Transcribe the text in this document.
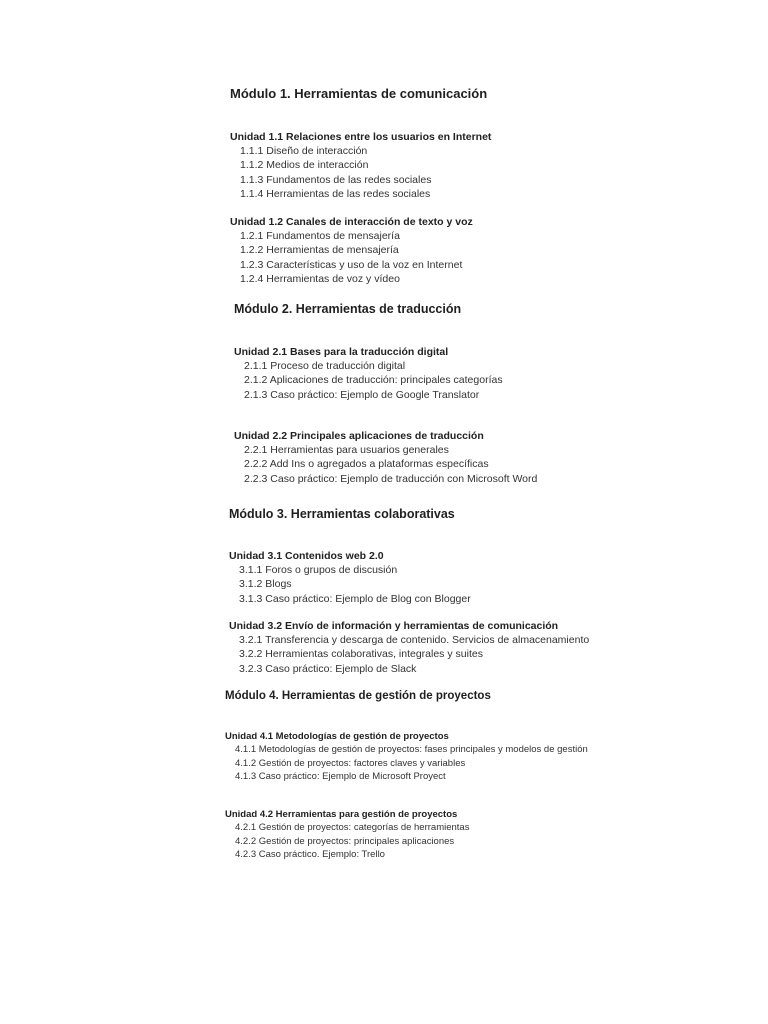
Módulo 1. Herramientas de comunicación

Unidad 1.1 Relaciones entre los usuarios en Internet
1.1.1 Diseño de interacción
1.1.2 Medios de interacción
1.1.3 Fundamentos de las redes sociales
1.1.4 Herramientas de las redes sociales
Unidad 1.2 Canales de interacción de texto y voz
1.2.1 Fundamentos de mensajería
1.2.2 Herramientas de mensajería
1.2.3 Características y uso de la voz en Internet
1.2.4 Herramientas de voz y vídeo

Módulo 2. Herramientas de traducción

Unidad 2.1 Bases para la traducción digital
2.1.1 Proceso de traducción digital
2.1.2 Aplicaciones de traducción: principales categorías
2.1.3 Caso práctico: Ejemplo de Google Translator
Unidad 2.2 Principales aplicaciones de traducción
2.2.1 Herramientas para usuarios generales
2.2.2 Add Ins o agregados a plataformas específicas
2.2.3 Caso práctico: Ejemplo de traducción con Microsoft Word

Módulo 3. Herramientas colaborativas

Unidad 3.1 Contenidos web 2.0
3.1.1 Foros o grupos de discusión
3.1.2 Blogs
3.1.3 Caso práctico: Ejemplo de Blog con Blogger
Unidad 3.2 Envío de información y herramientas de comunicación
3.2.1 Transferencia y descarga de contenido. Servicios de almacenamiento
3.2.2 Herramientas colaborativas, integrales y suites
3.2.3 Caso práctico: Ejemplo de Slack

Módulo 4. Herramientas de gestión de proyectos

Unidad 4.1 Metodologías de gestión de proyectos
4.1.1 Metodologías de gestión de proyectos: fases principales y modelos de gestión
4.1.2 Gestión de proyectos: factores claves y variables
4.1.3 Caso práctico: Ejemplo de Microsoft Proyect
Unidad 4.2 Herramientas para gestión de proyectos
4.2.1 Gestión de proyectos: categorías de herramientas
4.2.2 Gestión de proyectos: principales aplicaciones
4.2.3 Caso práctico. Ejemplo: Trello
